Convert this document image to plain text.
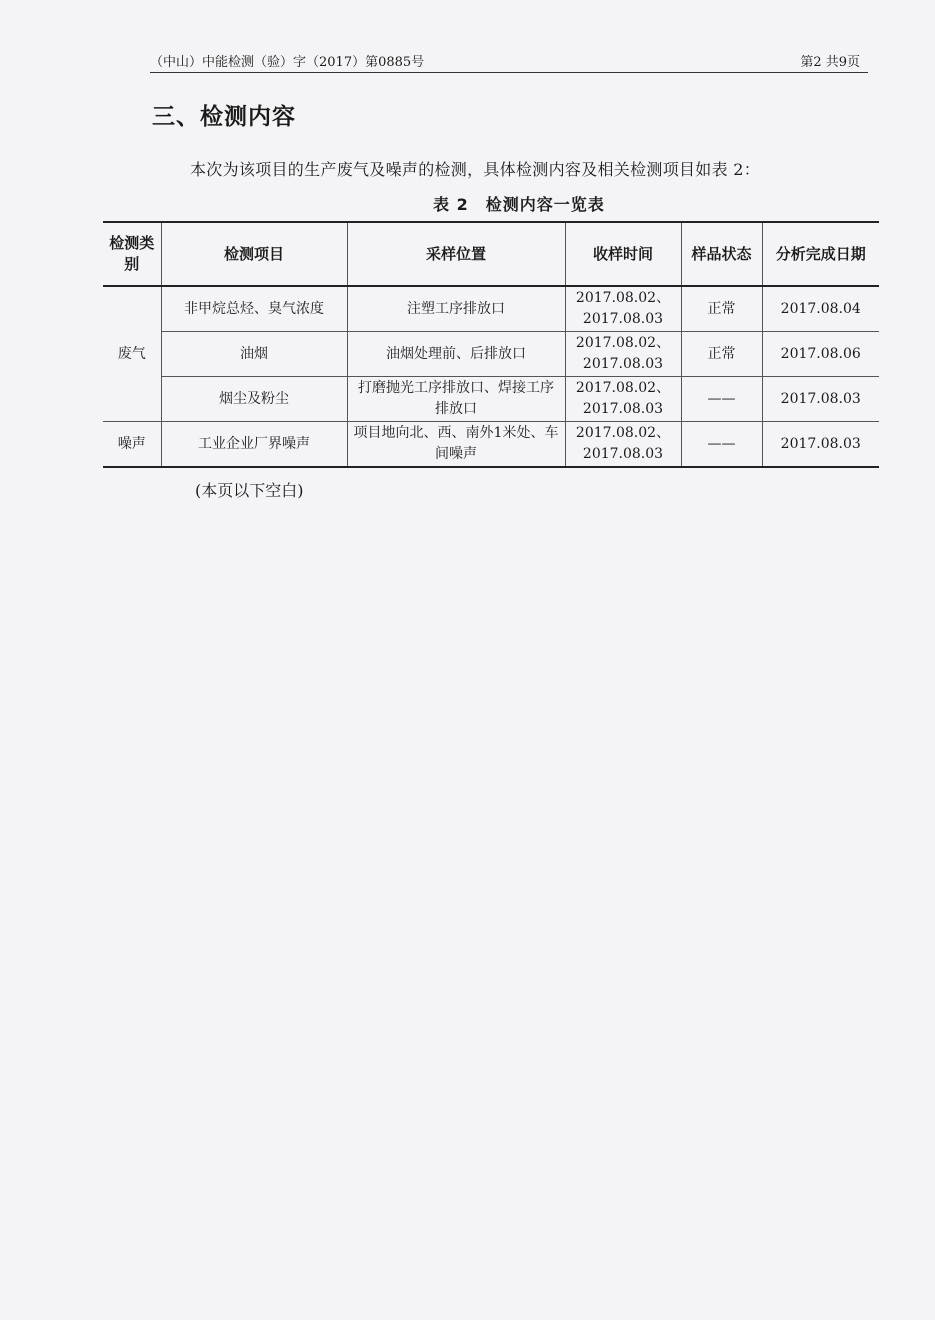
（中山）中能检测（验）字（2017）第0885号	第2 共9页
三、检测内容
本次为该项目的生产废气及噪声的检测，具体检测内容及相关检测项目如表 2：
表 2　检测内容一览表
检测类别	检测项目	采样位置	收样时间	样品状态	分析完成日期
废气	非甲烷总烃、臭气浓度	注塑工序排放口	2017.08.02、2017.08.03	正常	2017.08.04
	油烟	油烟处理前、后排放口	2017.08.02、2017.08.03	正常	2017.08.06
	烟尘及粉尘	打磨抛光工序排放口、焊接工序排放口	2017.08.02、2017.08.03	——	2017.08.03
噪声	工业企业厂界噪声	项目地向北、西、南外1米处、车间噪声	2017.08.02、2017.08.03	——	2017.08.03
(本页以下空白)
